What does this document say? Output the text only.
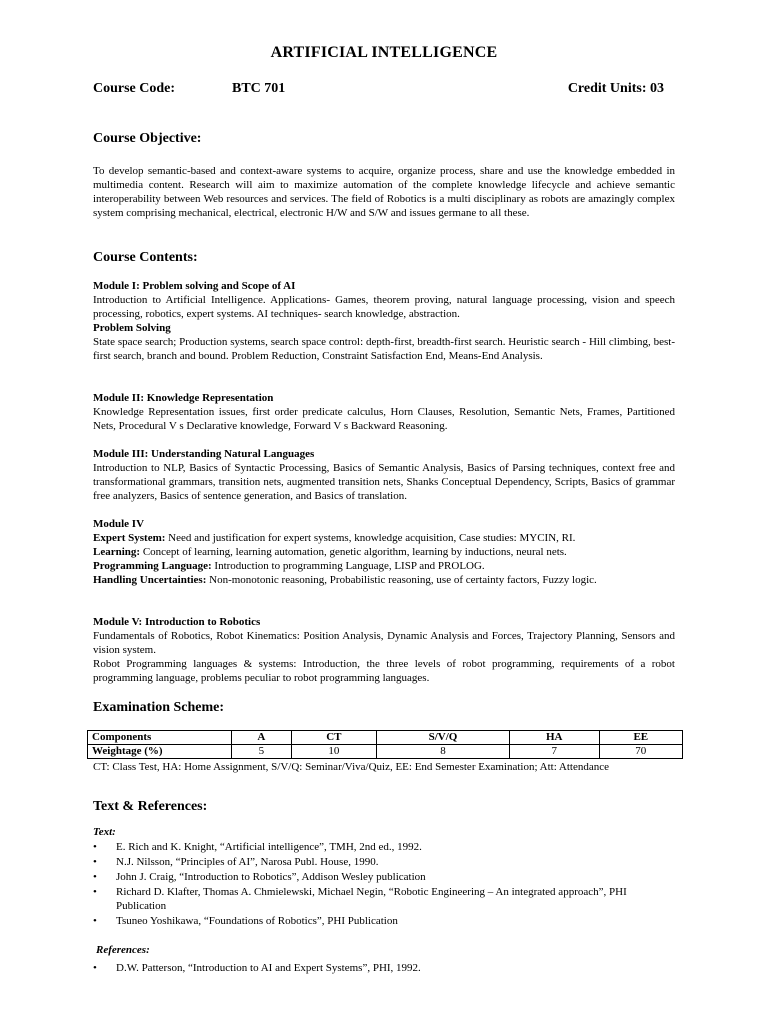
ARTIFICIAL INTELLIGENCE
Course Code:	BTC 701	Credit Units: 03
Course Objective:
To develop semantic-based and context-aware systems to acquire, organize process, share and use the knowledge embedded in multimedia content. Research will aim to maximize automation of the complete knowledge lifecycle and achieve semantic interoperability between Web resources and services. The field of Robotics is a multi disciplinary as robots are amazingly complex system comprising mechanical, electrical, electronic H/W and S/W and issues germane to all these.
Course Contents:

Module I: Problem solving and Scope of AI

Introduction to Artificial Intelligence. Applications- Games, theorem proving, natural language processing, vision and speech processing, robotics, expert systems. AI techniques- search knowledge, abstraction.

Problem Solving

State space search; Production systems, search space control: depth-first, breadth-first search. Heuristic search - Hill climbing, best-first search, branch and bound. Problem Reduction, Constraint Satisfaction End, Means-End Analysis.

Module II: Knowledge Representation

Knowledge Representation issues, first order predicate calculus, Horn Clauses, Resolution, Semantic Nets, Frames, Partitioned Nets, Procedural V s Declarative knowledge, Forward V s Backward Reasoning.

Module III: Understanding Natural Languages

Introduction to NLP, Basics of Syntactic Processing, Basics of Semantic Analysis, Basics of Parsing techniques, context free and transformational grammars, transition nets, augmented transition nets, Shanks Conceptual Dependency, Scripts, Basics of grammar free analyzers, Basics of sentence generation, and Basics of translation.

Module IV

Expert System: Need and justification for expert systems, knowledge acquisition, Case studies: MYCIN, RI.

Learning: Concept of learning, learning automation, genetic algorithm, learning by inductions, neural nets.

Programming Language: Introduction to programming Language, LISP and PROLOG.

Handling Uncertainties: Non-monotonic reasoning, Probabilistic reasoning, use of certainty factors, Fuzzy logic.

Module V: Introduction to Robotics

Fundamentals of Robotics, Robot Kinematics: Position Analysis, Dynamic Analysis and Forces, Trajectory Planning, Sensors and vision system.

Robot Programming languages & systems: Introduction, the three levels of robot programming, requirements of a robot programming language, problems peculiar to robot programming languages.

Examination Scheme:
Components	A	CT	S/V/Q	HA	EE
Weightage (%)	5	10	8	7	70
CT: Class Test, HA: Home Assignment, S/V/Q: Seminar/Viva/Quiz, EE: End Semester Examination; Att: Attendance
Text & References:
Text:
• E. Rich and K. Knight, “Artificial intelligence”, TMH, 2nd ed., 1992.
• N.J. Nilsson, “Principles of AI”, Narosa Publ. House, 1990.
• John J. Craig, “Introduction to Robotics”, Addison Wesley publication
• Richard D. Klafter, Thomas A. Chmielewski, Michael Negin, “Robotic Engineering – An integrated approach”, PHI Publication
• Tsuneo Yoshikawa, “Foundations of Robotics”, PHI Publication
References:
• D.W. Patterson, “Introduction to AI and Expert Systems”, PHI, 1992.
